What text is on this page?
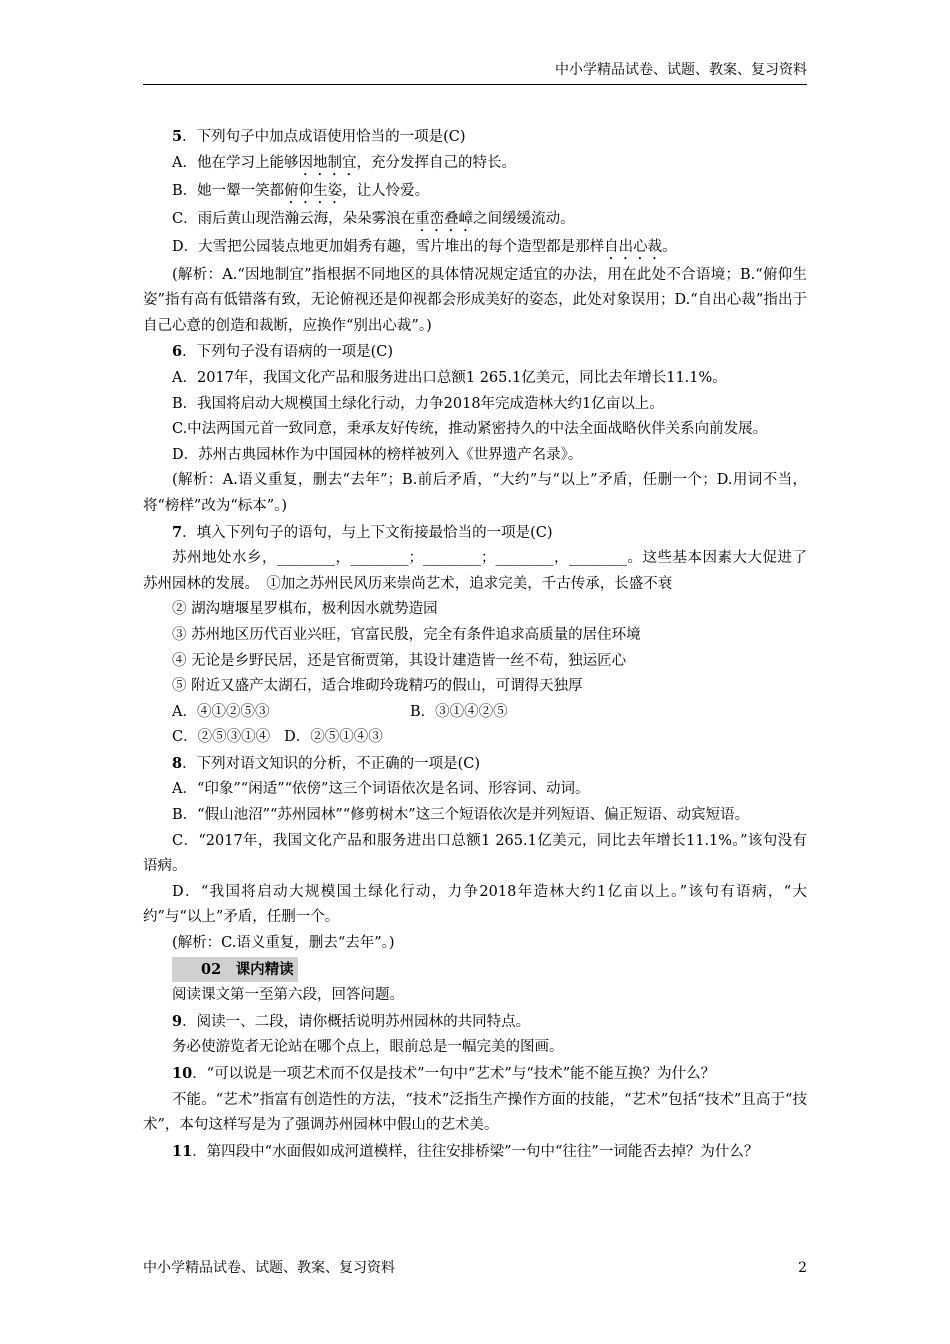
中小学精品试卷、试题、教案、复习资料

5．下列句子中加点成语使用恰当的一项是(C)

A．他在学习上能够因地制宜，充分发挥自己的特长。

B．她一颦一笑都俯仰生姿，让人怜爱。

C．雨后黄山现浩瀚云海，朵朵雾浪在重峦叠嶂之间缓缓流动。

D．大雪把公园装点地更加娟秀有趣，雪片堆出的每个造型都是那样自出心裁。

(解析：A.“因地制宜”指根据不同地区的具体情况规定适宜的办法，用在此处不合语境；B.“俯仰生姿”指有高有低错落有致，无论俯视还是仰视都会形成美好的姿态，此处对象误用；D.“自出心裁”指出于自己心意的创造和裁断，应换作“别出心裁”。)

6．下列句子没有语病的一项是(C)

A．2017年，我国文化产品和服务进出口总额1 265.1亿美元，同比去年增长11.1%。

B．我国将启动大规模国土绿化行动，力争2018年完成造林大约1亿亩以上。

C.中法两国元首一致同意，秉承友好传统，推动紧密持久的中法全面战略伙伴关系向前发展。

D．苏州古典园林作为中国园林的榜样被列入《世界遗产名录》。

(解析：A.语义重复，删去“去年”；B.前后矛盾，“大约”与“以上”矛盾，任删一个；D.用词不当，将“榜样”改为“标本”。)

7．填入下列句子的语句，与上下文衔接最恰当的一项是(C)

苏州地处水乡，________，________；________；________，________。这些基本因素大大促进了苏州园林的发展。　①加之苏州民风历来崇尚艺术，追求完美，千古传承，长盛不衰

② 湖沟塘堰星罗棋布，极利因水就势造园

③ 苏州地区历代百业兴旺，官富民殷，完全有条件追求高质量的居住环境

④ 无论是乡野民居，还是官衙贾第，其设计建造皆一丝不苟，独运匠心

⑤ 附近又盛产太湖石，适合堆砌玲珑精巧的假山，可谓得天独厚

A．④①②⑤③	B．③①④②⑤

C．②⑤③①④ D．②⑤①④③

8．下列对语文知识的分析，不正确的一项是(C)

A．“印象”“闲适”“依傍”这三个词语依次是名词、形容词、动词。

B．“假山池沼”“苏州园林”“修剪树木”这三个短语依次是并列短语、偏正短语、动宾短语。

C．“2017年，我国文化产品和服务进出口总额1 265.1亿美元，同比去年增长11.1%。”该句没有语病。

D．“我国将启动大规模国土绿化行动，力争2018年造林大约1亿亩以上。”该句有语病，“大约”与“以上”矛盾，任删一个。

(解析：C.语义重复，删去“去年”。)

02　 课内精读

阅读课文第一至第六段，回答问题。

9．阅读一、二段，请你概括说明苏州园林的共同特点。

务必使游览者无论站在哪个点上，眼前总是一幅完美的图画。

10．“可以说是一项艺术而不仅是技术”一句中“艺术”与“技术”能不能互换？为什么？

不能。“艺术”指富有创造性的方法，“技术”泛指生产操作方面的技能，“艺术”包括“技术”且高于“技术”，本句这样写是为了强调苏州园林中假山的艺术美。

11．第四段中“水面假如成河道模样，往往安排桥梁”一句中“往往”一词能否去掉？为什么？

中小学精品试卷、试题、教案、复习资料	2
